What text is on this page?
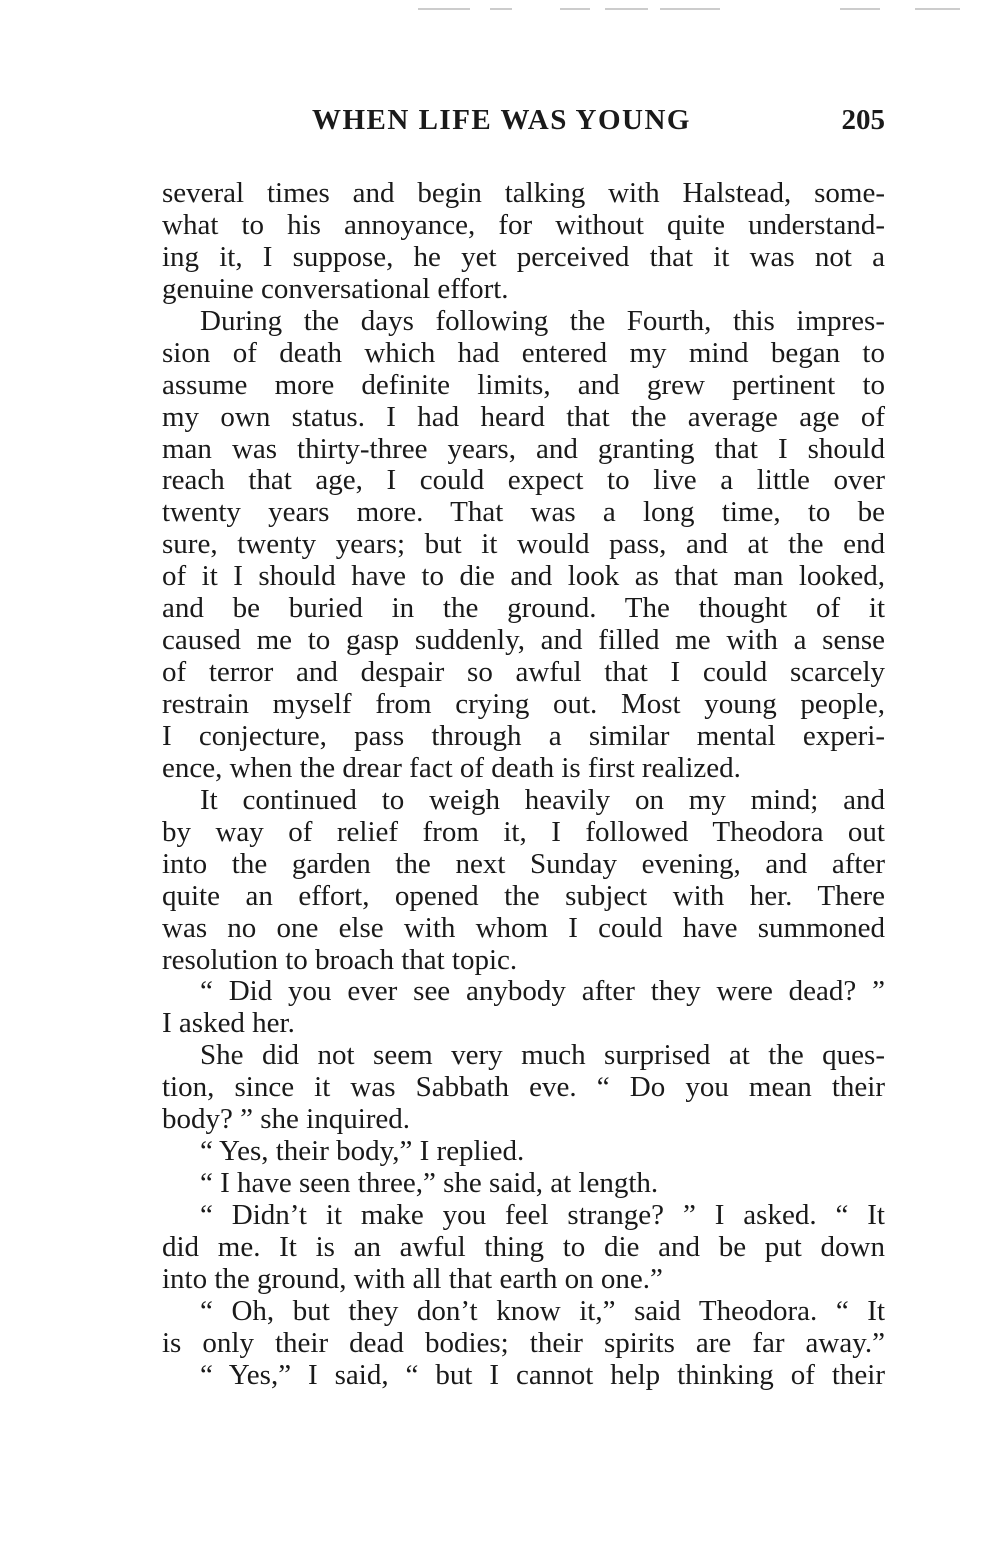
WHEN LIFE WAS YOUNG	205
several times and begin talking with Halstead, some-
what to his annoyance, for without quite understand-
ing it, I suppose, he yet perceived that it was not a
genuine conversational effort.
During the days following the Fourth, this impres-
sion of death which had entered my mind began to
assume more definite limits, and grew pertinent to
my own status. I had heard that the average age of
man was thirty-three years, and granting that I should
reach that age, I could expect to live a little over
twenty years more. That was a long time, to be
sure, twenty years; but it would pass, and at the end
of it I should have to die and look as that man looked,
and be buried in the ground. The thought of it
caused me to gasp suddenly, and filled me with a sense
of terror and despair so awful that I could scarcely
restrain myself from crying out. Most young people,
I conjecture, pass through a similar mental experi-
ence, when the drear fact of death is first realized.
It continued to weigh heavily on my mind; and
by way of relief from it, I followed Theodora out
into the garden the next Sunday evening, and after
quite an effort, opened the subject with her. There
was no one else with whom I could have summoned
resolution to broach that topic.
“ Did you ever see anybody after they were dead? ”
I asked her.
She did not seem very much surprised at the ques-
tion, since it was Sabbath eve. “ Do you mean their
body? ” she inquired.
“ Yes, their body,” I replied.
“ I have seen three,” she said, at length.
“ Didn’t it make you feel strange? ” I asked. “ It
did me. It is an awful thing to die and be put down
into the ground, with all that earth on one.”
“ Oh, but they don’t know it,” said Theodora. “ It
is only their dead bodies; their spirits are far away.”
“ Yes,” I said, “ but I cannot help thinking of their
